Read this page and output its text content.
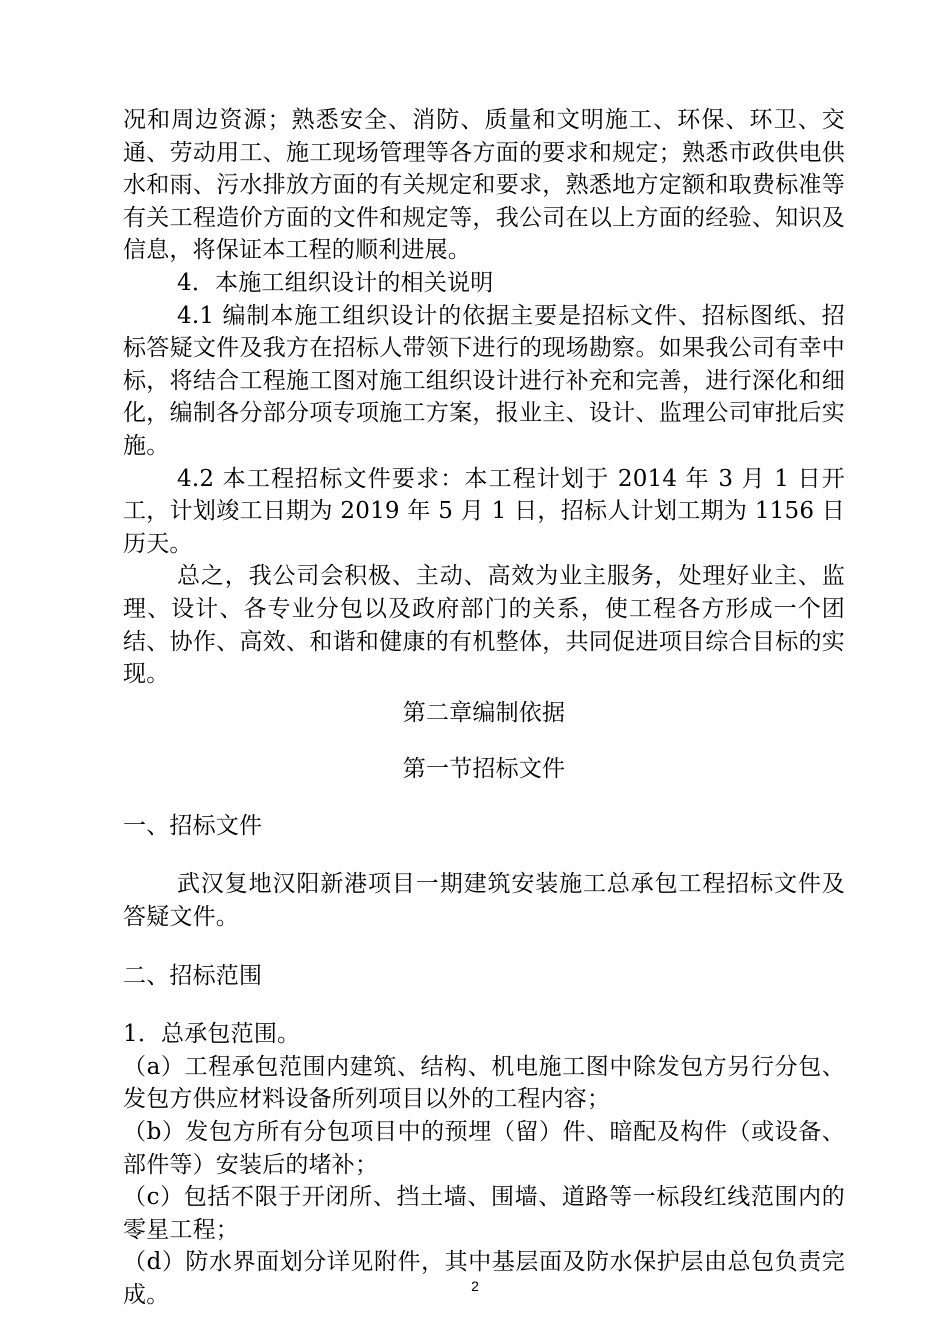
况和周边资源；熟悉安全、消防、质量和文明施工、环保、环卫、交通、劳动用工、施工现场管理等各方面的要求和规定；熟悉市政供电供水和雨、污水排放方面的有关规定和要求，熟悉地方定额和取费标准等有关工程造价方面的文件和规定等，我公司在以上方面的经验、知识及信息，将保证本工程的顺利进展。

4．本施工组织设计的相关说明

4.1 编制本施工组织设计的依据主要是招标文件、招标图纸、招标答疑文件及我方在招标人带领下进行的现场勘察。如果我公司有幸中标，将结合工程施工图对施工组织设计进行补充和完善，进行深化和细化，编制各分部分项专项施工方案，报业主、设计、监理公司审批后实施。

4.2 本工程招标文件要求：本工程计划于 2014 年 3 月 1 日开工，计划竣工日期为 2019 年 5 月 1 日，招标人计划工期为 1156 日历天。

总之，我公司会积极、主动、高效为业主服务，处理好业主、监理、设计、各专业分包以及政府部门的关系，使工程各方形成一个团结、协作、高效、和谐和健康的有机整体，共同促进项目综合目标的实现。

第二章编制依据

第一节招标文件

一、招标文件

武汉复地汉阳新港项目一期建筑安装施工总承包工程招标文件及答疑文件。

二、招标范围

1．总承包范围。

（a）工程承包范围内建筑、结构、机电施工图中除发包方另行分包、发包方供应材料设备所列项目以外的工程内容；

（b）发包方所有分包项目中的预埋（留）件、暗配及构件（或设备、部件等）安装后的堵补；

（c）包括不限于开闭所、挡土墙、围墙、道路等一标段红线范围内的零星工程；

（d）防水界面划分详见附件，其中基层面及防水保护层由总包负责完成。	2
